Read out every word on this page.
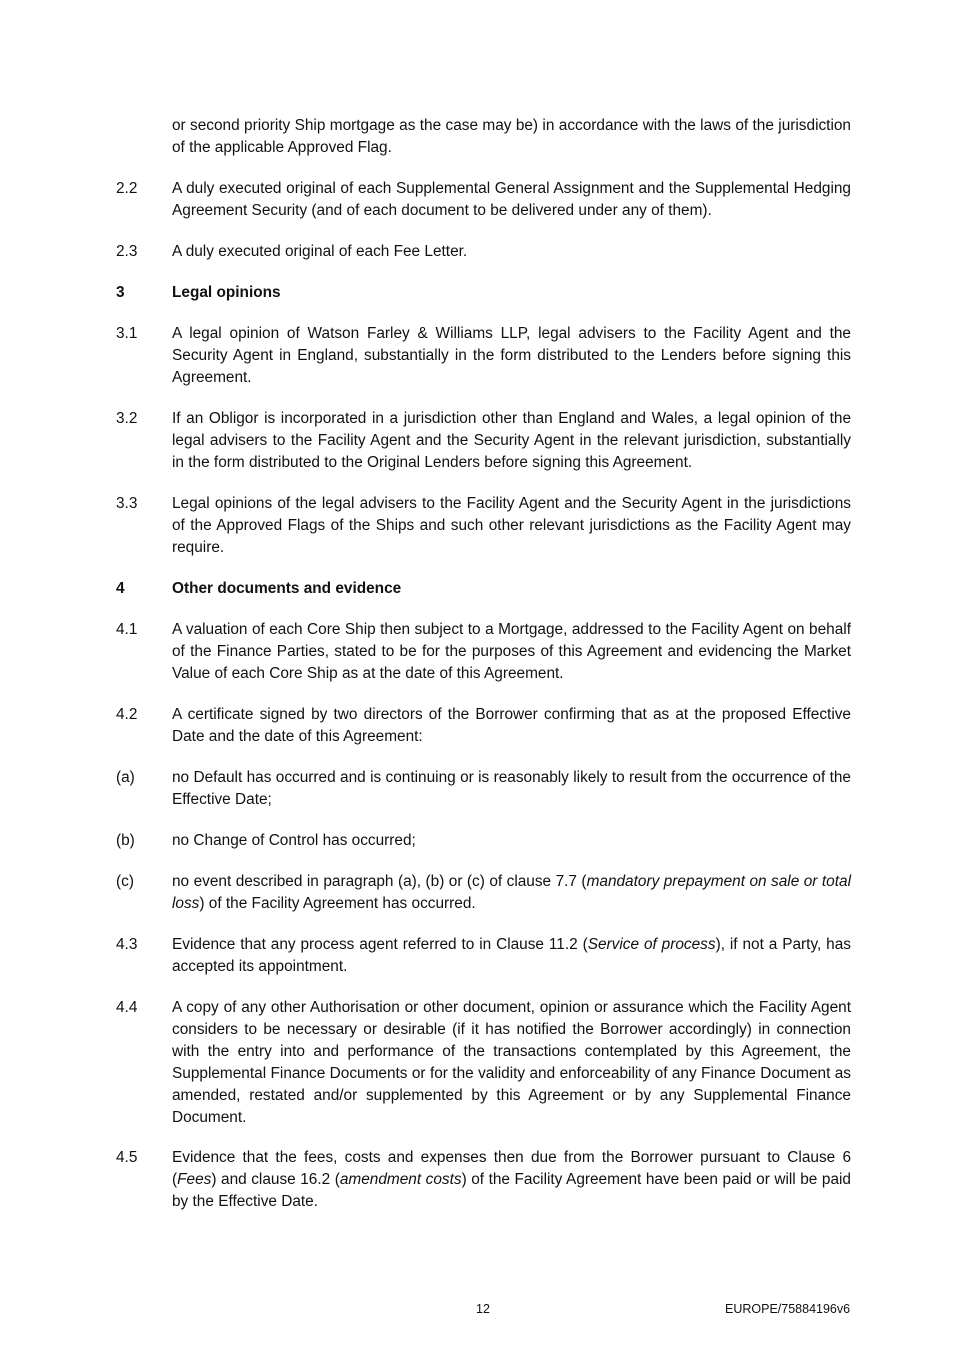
or second priority Ship mortgage as the case may be) in accordance with the laws of the jurisdiction of the applicable Approved Flag.
2.2 A duly executed original of each Supplemental General Assignment and the Supplemental Hedging Agreement Security (and of each document to be delivered under any of them).
2.3 A duly executed original of each Fee Letter.
3	Legal opinions
3.1 A legal opinion of Watson Farley & Williams LLP, legal advisers to the Facility Agent and the Security Agent in England, substantially in the form distributed to the Lenders before signing this Agreement.
3.2 If an Obligor is incorporated in a jurisdiction other than England and Wales, a legal opinion of the legal advisers to the Facility Agent and the Security Agent in the relevant jurisdiction, substantially in the form distributed to the Original Lenders before signing this Agreement.
3.3 Legal opinions of the legal advisers to the Facility Agent and the Security Agent in the jurisdictions of the Approved Flags of the Ships and such other relevant jurisdictions as the Facility Agent may require.
4	Other documents and evidence
4.1 A valuation of each Core Ship then subject to a Mortgage, addressed to the Facility Agent on behalf of the Finance Parties, stated to be for the purposes of this Agreement and evidencing the Market Value of each Core Ship as at the date of this Agreement.
4.2 A certificate signed by two directors of the Borrower confirming that as at the proposed Effective Date and the date of this Agreement:
(a) no Default has occurred and is continuing or is reasonably likely to result from the occurrence of the Effective Date;
(b) no Change of Control has occurred;
(c) no event described in paragraph (a), (b) or (c) of clause 7.7 (mandatory prepayment on sale or total loss) of the Facility Agreement has occurred.
4.3 Evidence that any process agent referred to in Clause 11.2 (Service of process), if not a Party, has accepted its appointment.
4.4 A copy of any other Authorisation or other document, opinion or assurance which the Facility Agent considers to be necessary or desirable (if it has notified the Borrower accordingly) in connection with the entry into and performance of the transactions contemplated by this Agreement, the Supplemental Finance Documents or for the validity and enforceability of any Finance Document as amended, restated and/or supplemented by this Agreement or by any Supplemental Finance Document.
4.5 Evidence that the fees, costs and expenses then due from the Borrower pursuant to Clause 6 (Fees) and clause 16.2 (amendment costs) of the Facility Agreement have been paid or will be paid by the Effective Date.
12	EUROPE/75884196v6
